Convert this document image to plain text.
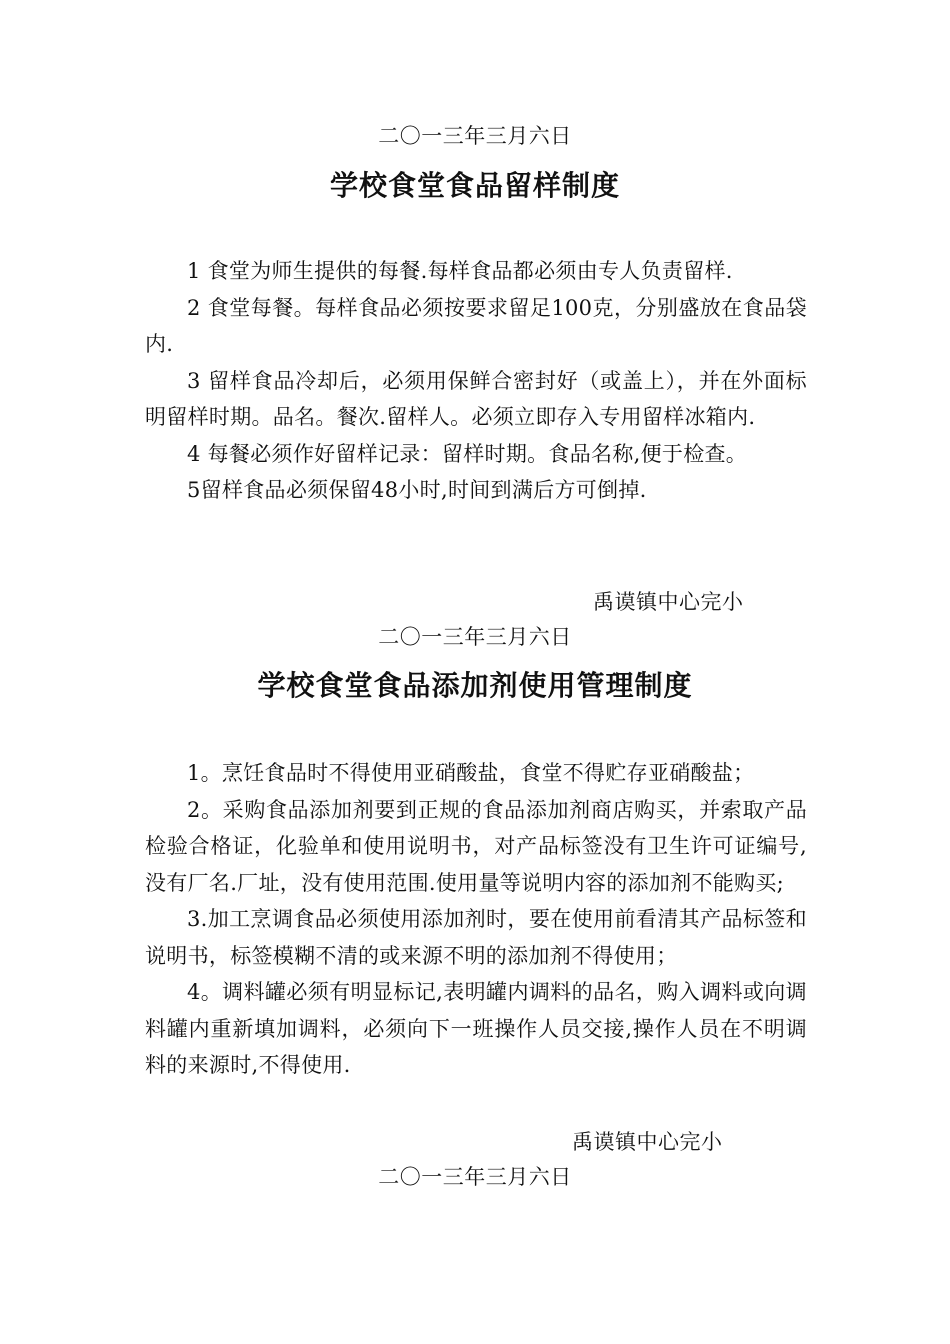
二〇一三年三月六日
学校食堂食品留样制度

1 食堂为师生提供的每餐.每样食品都必须由专人负责留样.

2 食堂每餐。每样食品必须按要求留足100克，分别盛放在食品袋内.

3 留样食品冷却后，必须用保鲜合密封好（或盖上），并在外面标明留样时期。品名。餐次.留样人。必须立即存入专用留样冰箱内.

4 每餐必须作好留样记录：留样时期。食品名称,便于检查。

5留样食品必须保留48小时,时间到满后方可倒掉.

禹谟镇中心完小
二〇一三年三月六日
学校食堂食品添加剂使用管理制度

1。烹饪食品时不得使用亚硝酸盐，食堂不得贮存亚硝酸盐；

2。采购食品添加剂要到正规的食品添加剂商店购买，并索取产品检验合格证，化验单和使用说明书，对产品标签没有卫生许可证编号,没有厂名.厂址，没有使用范围.使用量等说明内容的添加剂不能购买;

3.加工烹调食品必须使用添加剂时，要在使用前看清其产品标签和说明书，标签模糊不清的或来源不明的添加剂不得使用；

4。调料罐必须有明显标记,表明罐内调料的品名，购入调料或向调料罐内重新填加调料，必须向下一班操作人员交接,操作人员在不明调料的来源时,不得使用.

禹谟镇中心完小
二〇一三年三月六日
